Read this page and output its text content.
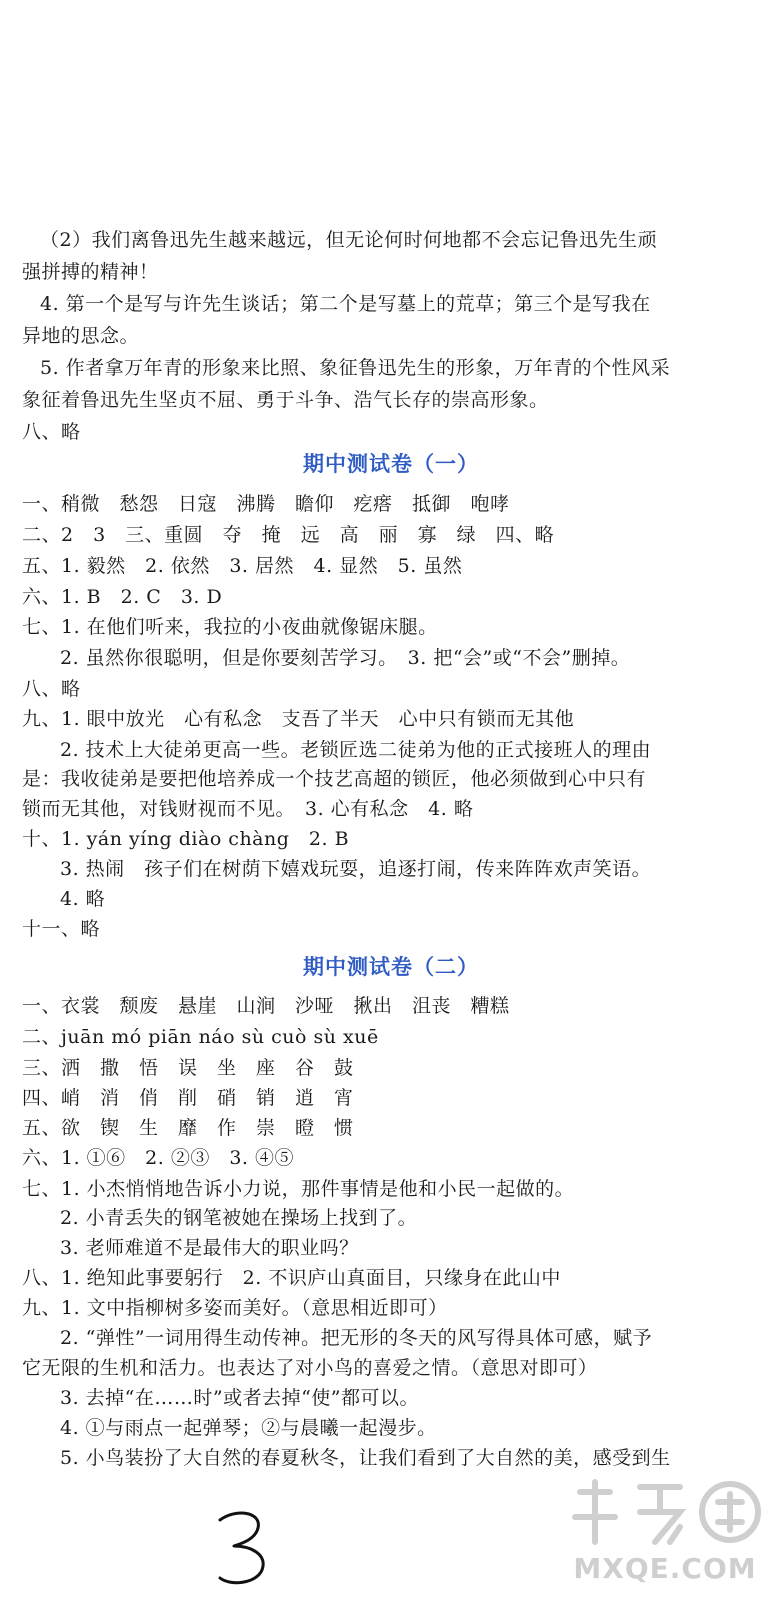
（2）我们离鲁迅先生越来越远，但无论何时何地都不会忘记鲁迅先生顽
强拼搏的精神！
4. 第一个是写与许先生谈话；第二个是写墓上的荒草；第三个是写我在
异地的思念。
5. 作者拿万年青的形象来比照、象征鲁迅先生的形象，万年青的个性风采
象征着鲁迅先生坚贞不屈、勇于斗争、浩气长存的崇高形象。
八、略
期中测试卷（一）
一、稍微　愁怨　日寇　沸腾　瞻仰　疙瘩　抵御　咆哮
二、2　3　三、重圆　夺　掩　远　高　丽　寡　绿　四、略
五、1. 毅然　2. 依然　3. 居然　4. 显然　5. 虽然
六、1. B　2. C　3. D
七、1. 在他们听来，我拉的小夜曲就像锯床腿。
2. 虽然你很聪明，但是你要刻苦学习。　3. 把“会”或“不会”删掉。
八、略
九、1. 眼中放光　心有私念　支吾了半天　心中只有锁而无其他
2. 技术上大徒弟更高一些。老锁匠选二徒弟为他的正式接班人的理由
是：我收徒弟是要把他培养成一个技艺高超的锁匠，他必须做到心中只有
锁而无其他，对钱财视而不见。　3. 心有私念　4. 略
十、1. yán yíng diào chàng　2. B
3. 热闹　孩子们在树荫下嬉戏玩耍，追逐打闹，传来阵阵欢声笑语。
4. 略
十一、略
期中测试卷（二）
一、衣裳　颓废　悬崖　山涧　沙哑　揪出　沮丧　糟糕
二、juān mó piān náo sù cuò sù xuē
三、洒　撒　悟　误　坐　座　谷　鼓
四、峭　消　俏　削　硝　销　逍　宵
五、欲　锲　生　靡　作　崇　瞪　惯
六、1. ①⑥　2. ②③　3. ④⑤
七、1. 小杰悄悄地告诉小力说，那件事情是他和小民一起做的。
2. 小青丢失的钢笔被她在操场上找到了。
3. 老师难道不是最伟大的职业吗？
八、1. 绝知此事要躬行　2. 不识庐山真面目，只缘身在此山中
九、1. 文中指柳树多姿而美好。（意思相近即可）
2. “弹性”一词用得生动传神。把无形的冬天的风写得具体可感，赋予
它无限的生机和活力。也表达了对小鸟的喜爱之情。（意思对即可）
3. 去掉“在……时”或者去掉“使”都可以。
4. ①与雨点一起弹琴；②与晨曦一起漫步。
5. 小鸟装扮了大自然的春夏秋冬，让我们看到了大自然的美，感受到生
MXQE.COM
